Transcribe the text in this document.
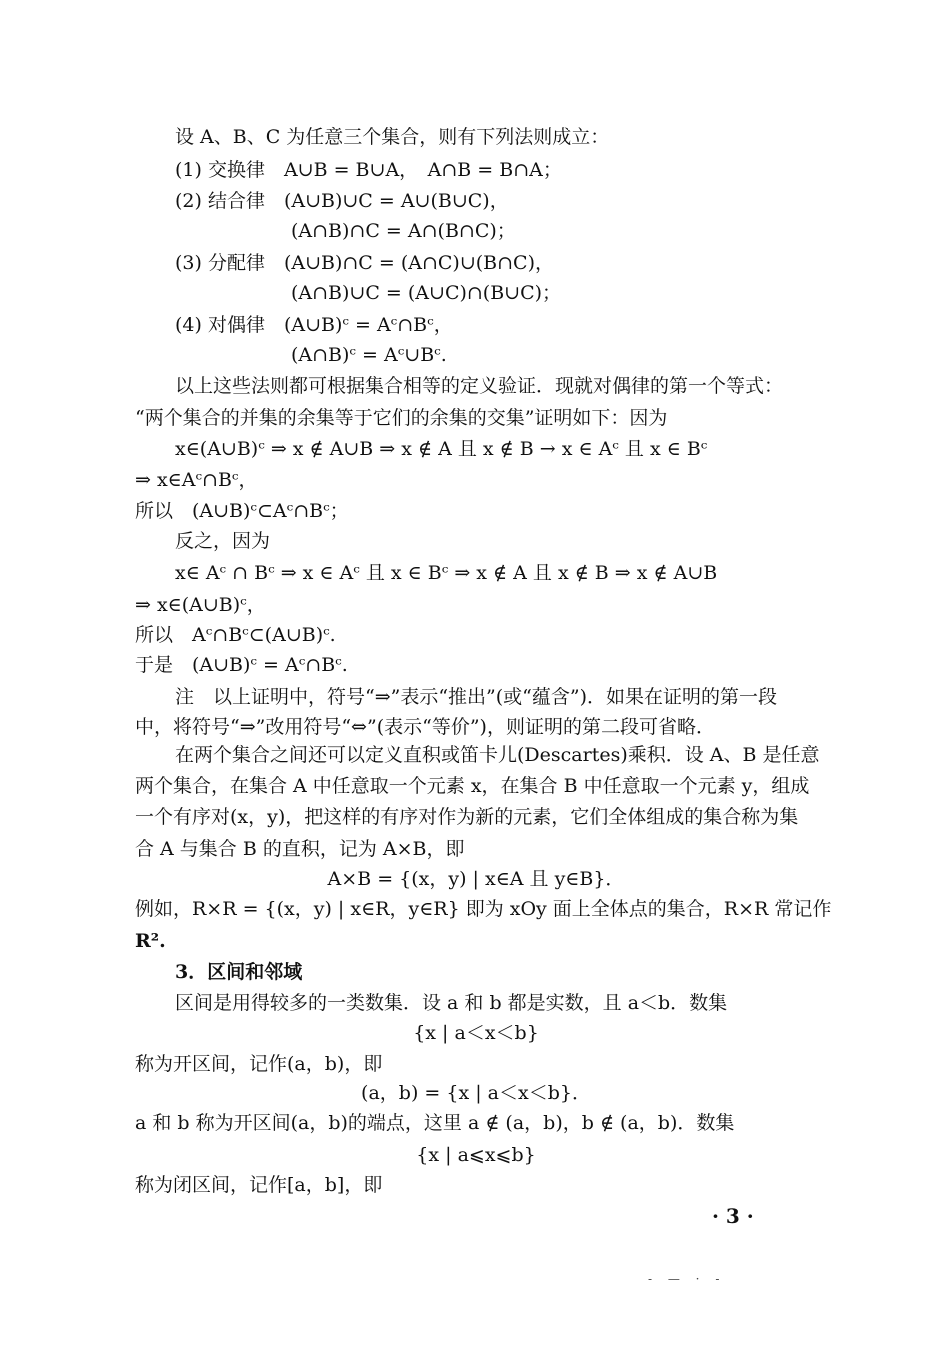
设 A、B、C 为任意三个集合，则有下列法则成立：
(1) 交换律　A∪B = B∪A，　A∩B = B∩A；
(2) 结合律　(A∪B)∪C = A∪(B∪C)，
(A∩B)∩C = A∩(B∩C)；
(3) 分配律　(A∪B)∩C = (A∩C)∪(B∩C)，
(A∩B)∪C = (A∪C)∩(B∪C)；
(4) 对偶律　(A∪B)ᶜ = Aᶜ∩Bᶜ，
(A∩B)ᶜ = Aᶜ∪Bᶜ.
以上这些法则都可根据集合相等的定义验证．现就对偶律的第一个等式：
“两个集合的并集的余集等于它们的余集的交集”证明如下：因为
x∈(A∪B)ᶜ ⇒ x ∉ A∪B ⇒ x ∉ A 且 x ∉ B → x ∈ Aᶜ 且 x ∈ Bᶜ
⇒ x∈Aᶜ∩Bᶜ，
所以　(A∪B)ᶜ⊂Aᶜ∩Bᶜ；
反之，因为
x∈ Aᶜ ∩ Bᶜ ⇒ x ∈ Aᶜ 且 x ∈ Bᶜ ⇒ x ∉ A 且 x ∉ B ⇒ x ∉ A∪B
⇒ x∈(A∪B)ᶜ，
所以　Aᶜ∩Bᶜ⊂(A∪B)ᶜ.
于是　(A∪B)ᶜ = Aᶜ∩Bᶜ.
注　以上证明中，符号“⇒”表示“推出”(或“蕴含”)．如果在证明的第一段
中，将符号“⇒”改用符号“⇔”(表示“等价”)，则证明的第二段可省略．
在两个集合之间还可以定义直积或笛卡儿(Descartes)乘积．设 A、B 是任意
两个集合，在集合 A 中任意取一个元素 x，在集合 B 中任意取一个元素 y，组成
一个有序对(x，y)，把这样的有序对作为新的元素，它们全体组成的集合称为集
合 A 与集合 B 的直积，记为 A×B，即
A×B = {(x，y) | x∈A 且 y∈B}．
例如，R×R = {(x，y) | x∈R，y∈R} 即为 xOy 面上全体点的集合，R×R 常记作
R².
3．区间和邻域
区间是用得较多的一类数集．设 a 和 b 都是实数，且 a＜b．数集
{x | a＜x＜b}
称为开区间，记作(a，b)，即
(a，b) = {x | a＜x＜b}．
a 和 b 称为开区间(a，b)的端点，这里 a ∉ (a，b)，b ∉ (a，b)．数集
{x | a⩽x⩽b}
称为闭区间，记作[a，b]，即
· 3 ·
- — · -
